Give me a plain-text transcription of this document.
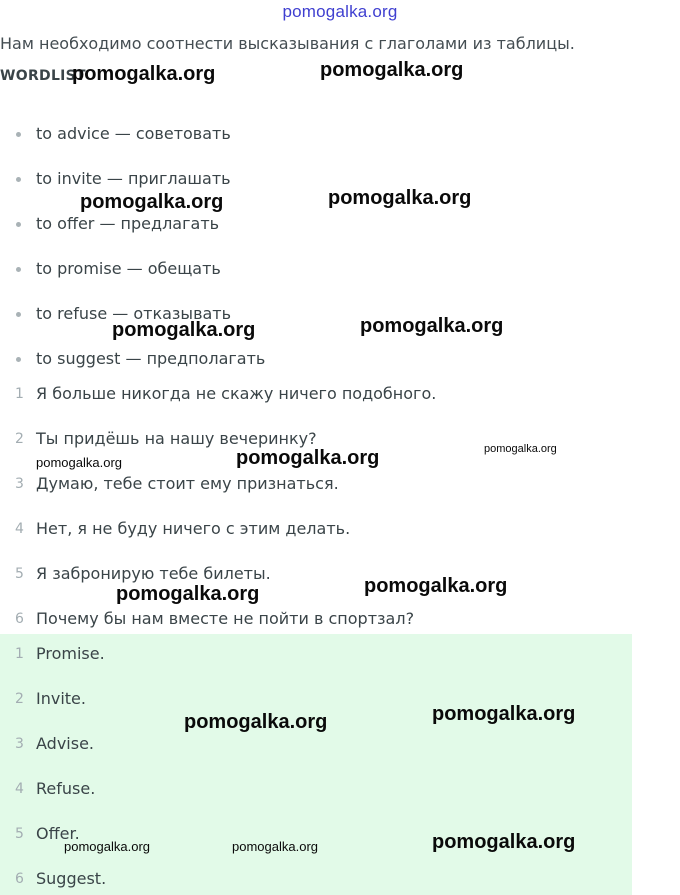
pomogalka.org
Нам необходимо соотнести высказывания с глаголами из таблицы.
WORDLIST
to advice — советовать
to invite — приглашать
to offer — предлагать
to promise — обещать
to refuse — отказывать
to suggest — предполагать
1 Я больше никогда не скажу ничего подобного.
2 Ты придёшь на нашу вечеринку?
3 Думаю, тебе стоит ему признаться.
4 Нет, я не буду ничего с этим делать.
5 Я забронирую тебе билеты.
6 Почему бы нам вместе не пойти в спортзал?
1 Promise.
2 Invite.
3 Advise.
4 Refuse.
5 Offer.
6 Suggest.
pomogalka.org	pomogalka.org
pomogalka.org	pomogalka.org
pomogalka.org	pomogalka.org
pomogalka.org	pomogalka.org	pomogalka.org
pomogalka.org
pomogalka.org
pomogalka.org	pomogalka.org
pomogalka.org	pomogalka.org	pomogalka.org
